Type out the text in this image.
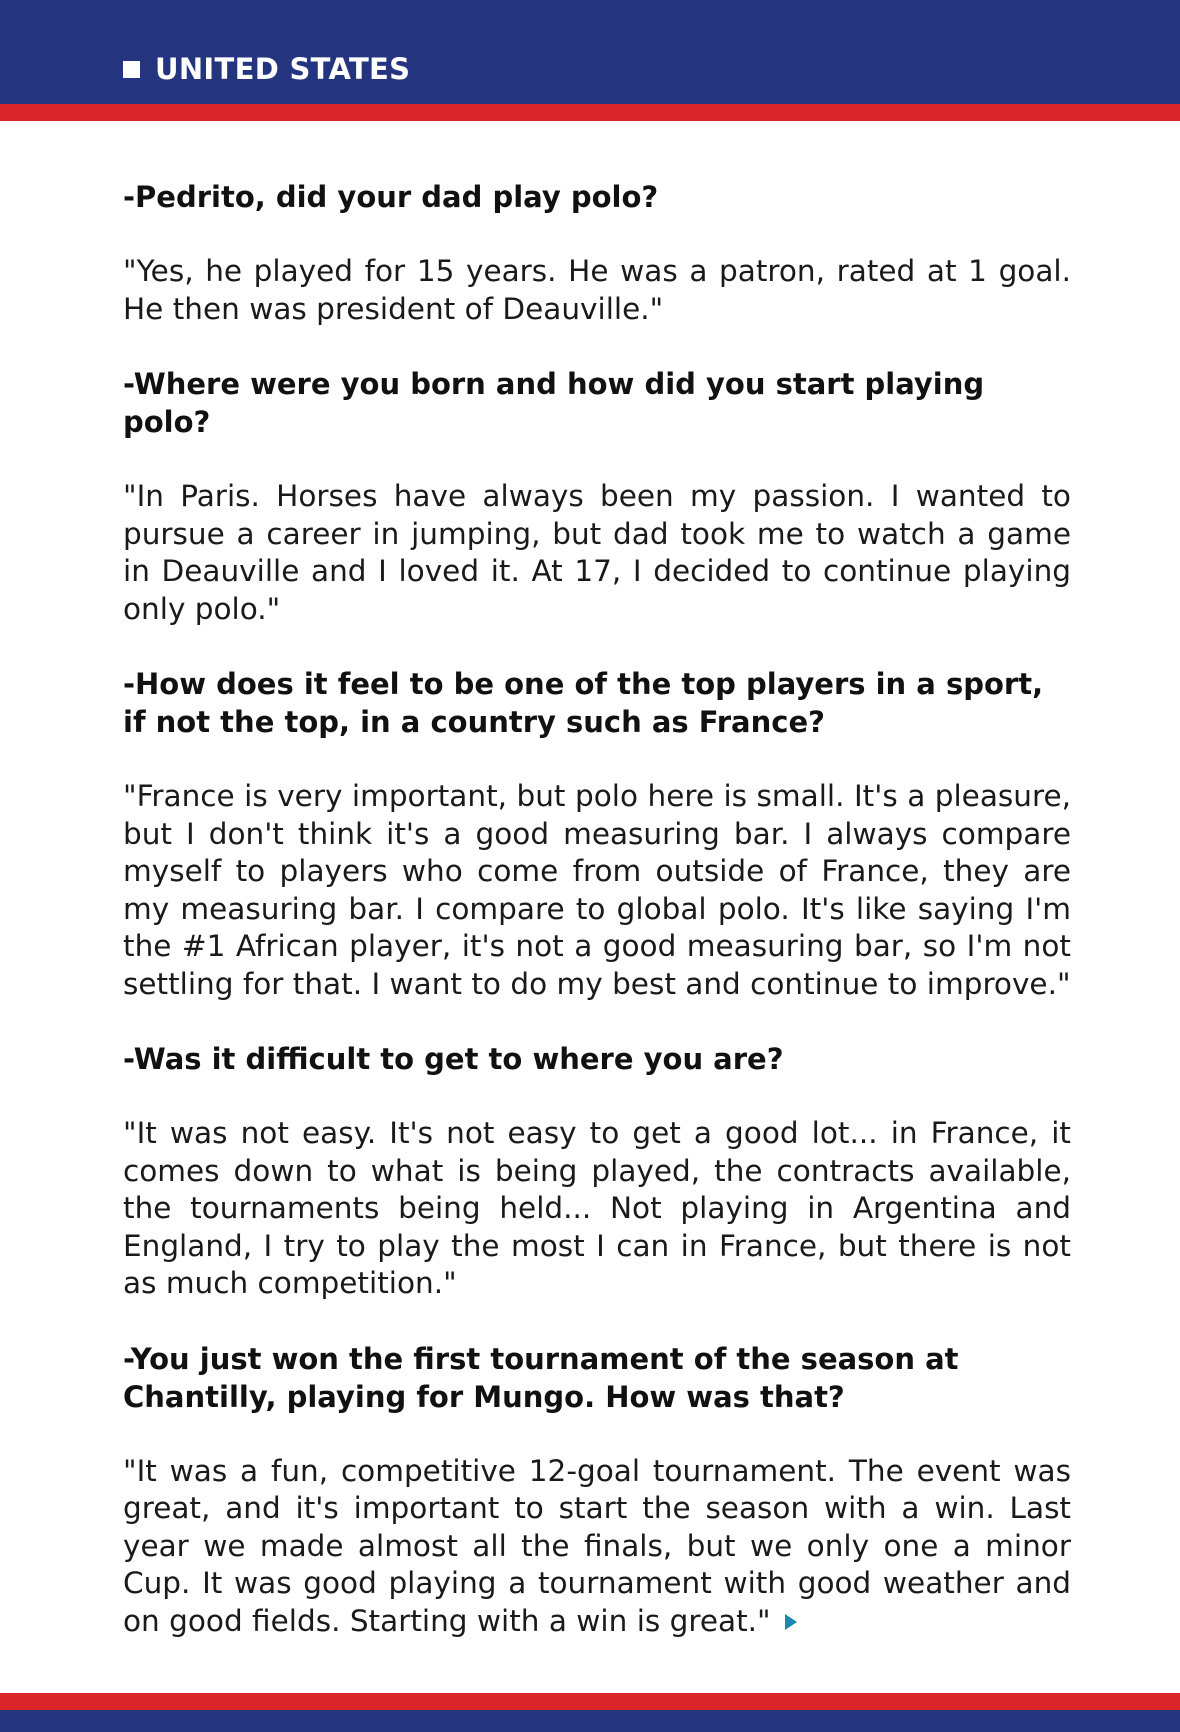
UNITED STATES

-Pedrito, did your dad play polo?

"Yes, he played for 15 years. He was a patron, rated at 1 goal. He then was president of Deauville."

-Where were you born and how did you start playing polo?

"In Paris. Horses have always been my passion. I wanted to pursue a career in jumping, but dad took me to watch a game in Deauville and I loved it. At 17, I decided to continue playing only polo."

-How does it feel to be one of the top players in a sport, if not the top, in a country such as France?

"France is very important, but polo here is small. It's a pleasure, but I don't think it's a good measuring bar. I always compare myself to players who come from outside of France, they are my measuring bar. I compare to global polo. It's like saying I'm the #1 African player, it's not a good measuring bar, so I'm not settling for that. I want to do my best and continue to improve."

-Was it difficult to get to where you are?

"It was not easy. It's not easy to get a good lot... in France, it comes down to what is being played, the contracts available, the tournaments being held... Not playing in Argentina and England, I try to play the most I can in France, but there is not as much competition."

-You just won the first tournament of the season at Chantilly, playing for Mungo. How was that?

"It was a fun, competitive 12-goal tournament. The event was great, and it's important to start the season with a win. Last year we made almost all the finals, but we only one a minor Cup. It was good playing a tournament with good weather and on good fields. Starting with a win is great."
